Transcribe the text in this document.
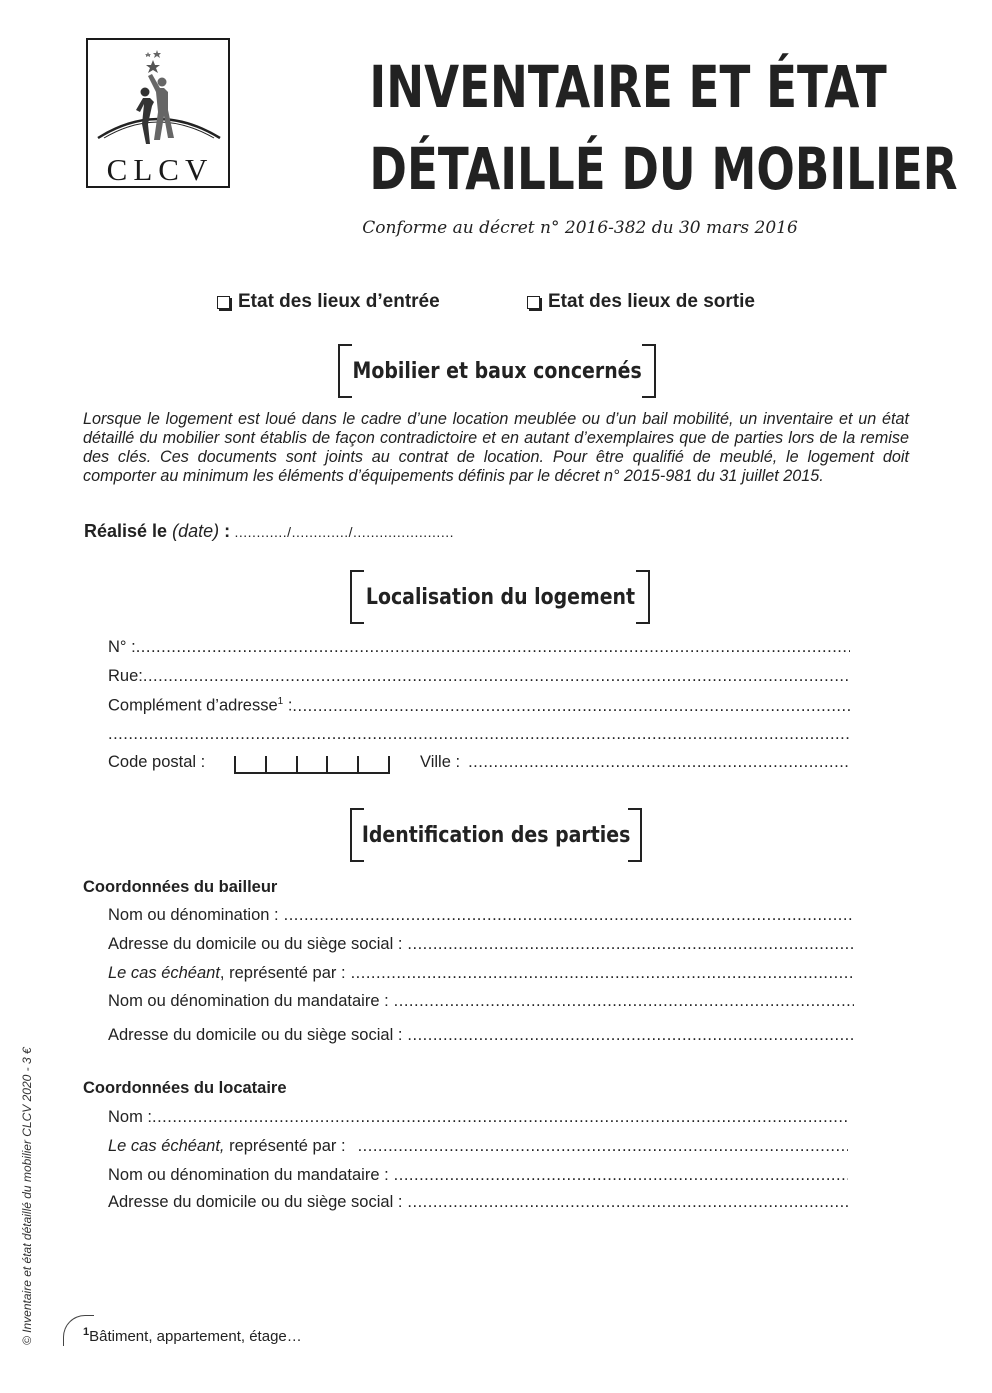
CLCV
INVENTAIRE ET ÉTAT
DÉTAILLÉ DU MOBILIER
Conforme au décret n° 2016-382 du 30 mars 2016
Etat des lieux d’entrée	Etat des lieux de sortie
Mobilier et baux concernés
Lorsque le logement est loué dans le cadre d’une location meublée ou d’un bail mobilité, un inventaire et un état détaillé du mobilier sont établis de façon contradictoire et en autant d’exemplaires que de parties lors de la remise des clés. Ces documents sont joints au contrat de location. Pour être qualifié de meublé, le logement doit comporter au minimum les éléments d’équipements définis par le décret n° 2015-981 du 31 juillet 2015.
Réalisé le (date) : ............/............./.......................
Localisation du logement
N° :
.....
Rue:
.....
Complément d’adresse$^1$ :
.....
.....
Code postal :	Ville :
.....
Identification des parties
Coordonnées du bailleur
Nom ou dénomination :
.....
Adresse du domicile ou du siège social :
.....
Le cas échéant, représenté par :
.....
Nom ou dénomination du mandataire :
.....
Adresse du domicile ou du siège social :
.....
Coordonnées du locataire
Nom :
.....
Le cas échéant, représenté par :
.....
Nom ou dénomination du mandataire :
.....
Adresse du domicile ou du siège social :
.....
© Inventaire et état détaillé du mobilier CLCV 2020 - 3 €	$^1$Bâtiment, appartement, étage…
